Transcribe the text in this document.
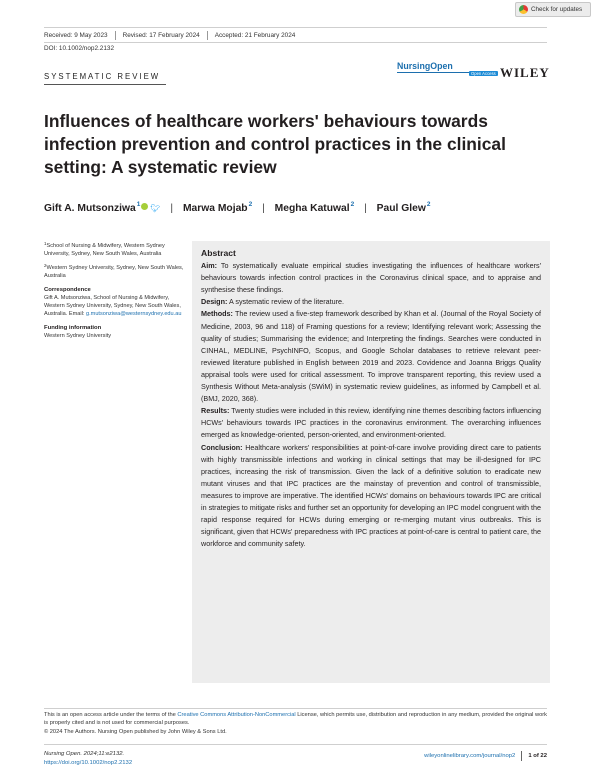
Check for updates
Received: 9 May 2023	Revised: 17 February 2024	Accepted: 21 February 2024
DOI: 10.1002/nop2.2132
SYSTEMATIC REVIEW
NursingOpen
Open Access WILEY
Influences of healthcare workers' behaviours towards infection prevention and control practices in the clinical setting: A systematic review
Gift A. Mutsonziwa$^1$ 🐦︎ | Marwa Mojab$^2$ | Megha Katuwal$^2$ | Paul Glew$^2$
$^1$School of Nursing & Midwifery, Western Sydney University, Sydney, New South Wales, Australia
$^2$Western Sydney University, Sydney, New South Wales, Australia
Correspondence
Gift A. Mutsonziwa, School of Nursing & Midwifery, Western Sydney University, Sydney, New South Wales, Australia. Email: g.mutsonziwa@westernsydney.edu.au
Funding information
Western Sydney University
Abstract

Aim: To systematically evaluate empirical studies investigating the influences of healthcare workers' behaviours towards infection control practices in the Coronavirus clinical space, and to appraise and synthesise these findings.

Design: A systematic review of the literature.

Methods: The review used a five-step framework described by Khan et al. (Journal of the Royal Society of Medicine, 2003, 96 and 118) of Framing questions for a review; Identifying relevant work; Assessing the quality of studies; Summarising the evidence; and Interpreting the findings. Searches were conducted in CINHAL, MEDLINE, PsychINFO, Scopus, and Google Scholar databases to retrieve relevant peer-reviewed literature published in English between 2019 and 2023. Covidence and Joanna Briggs Quality appraisal tools were used for critical assessment. To improve transparent reporting, this review used a Synthesis Without Meta-analysis (SWiM) in systematic review guidelines, as informed by Campbell et al. (BMJ, 2020, 368).

Results: Twenty studies were included in this review, identifying nine themes describing factors influencing HCWs' behaviours towards IPC practices in the coronavirus environment. The overarching influences emerged as knowledge-oriented, person-oriented, and environment-oriented.

Conclusion: Healthcare workers' responsibilities at point-of-care involve providing direct care to patients with highly transmissible infections and working in clinical settings that may be ill-designed for IPC practices, increasing the risk of transmission. Given the lack of a definitive solution to eradicate new mutant viruses and that IPC practices are the mainstay of prevention and control of transmissible, measures to improve are imperative. The identified HCWs' domains on behaviours towards IPC are critical in strategies to mitigate risks and further set an opportunity for developing an IPC model congruent with the rapid response required for HCWs during emerging or re-merging mutant virus outbreaks. This is significant, given that HCWs' preparedness with IPC practices at point-of-care is central to patient care, the workforce and community safety.

This is an open access article under the terms of the Creative Commons Attribution-NonCommercial License, which permits use, distribution and reproduction in any medium, provided the original work is properly cited and is not used for commercial purposes.
© 2024 The Authors. Nursing Open published by John Wiley & Sons Ltd.
Nursing Open. 2024;11:e2132.
https://doi.org/10.1002/nop2.2132
wileyonlinelibrary.com/journal/nop2 1 of 22
